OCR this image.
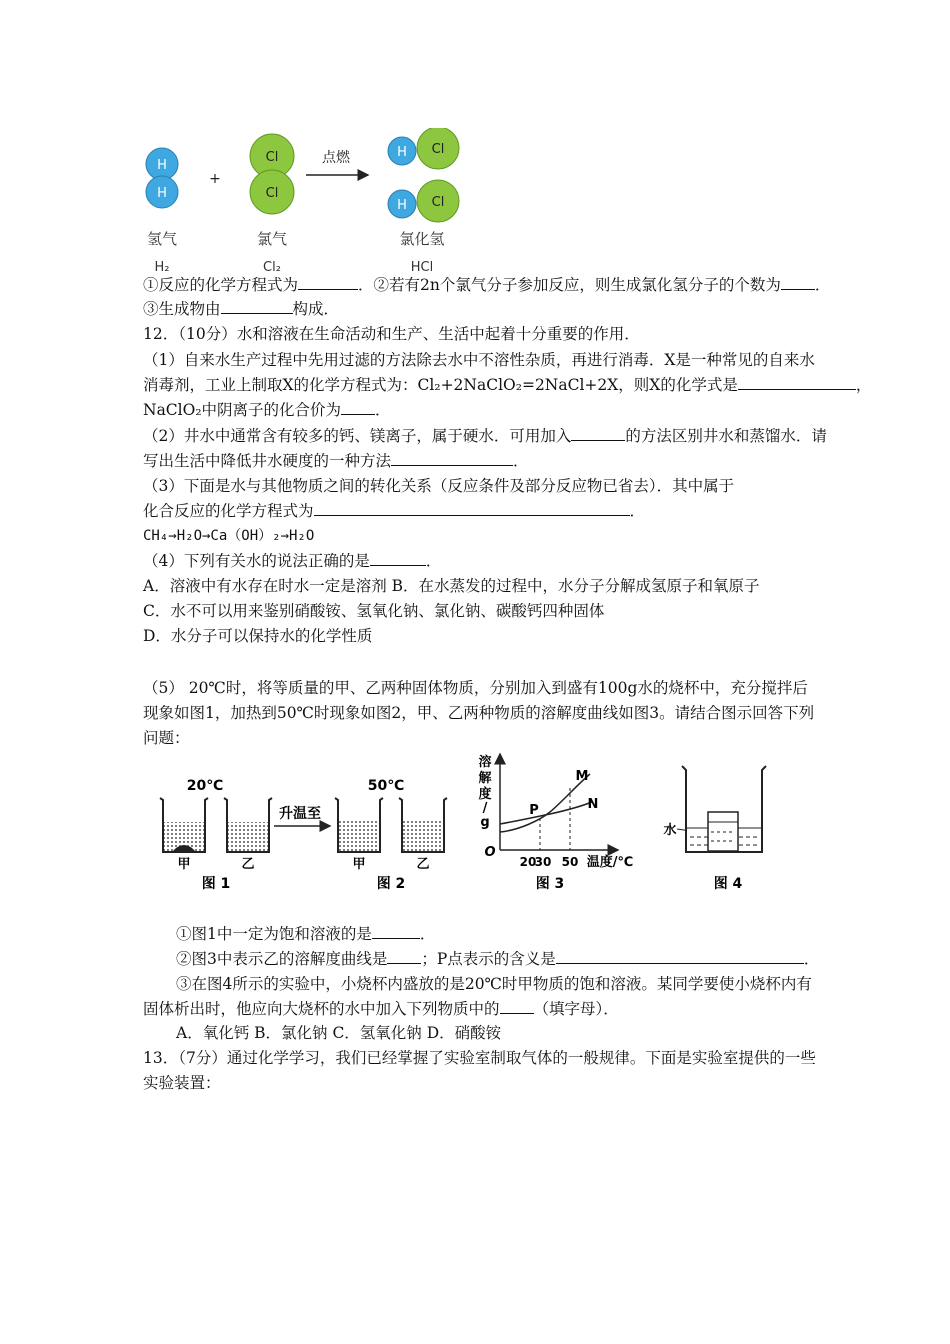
H
H
+
Cl
Cl
点燃	H Cl
H Cl
氢气	氯气	氯化氢
H₂	Cl₂	HCl
①反应的化学方程式为	．②若有2n个氯气分子参加反应，则生成氯化氢分子的个数为 ．
③生成物由	构成．
12．（10分）水和溶液在生命活动和生产、生活中起着十分重要的作用．
（1）自来水生产过程中先用过滤的方法除去水中不溶性杂质，再进行消毒．X是一种常见的自来水
消毒剂，工业上制取X的化学方程式为：Cl₂+2NaClO₂=2NaCl+2X，则X的化学式是	，
NaClO₂中阴离子的化合价为 ．
（2）井水中通常含有较多的钙、镁离子，属于硬水．可用加入	的方法区别井水和蒸馏水．请
写出生活中降低井水硬度的一种方法	．
（3）下面是水与其他物质之间的转化关系（反应条件及部分反应物已省去）．其中属于
化合反应的化学方程式为	．
CH₄→H₂O→Ca（OH）₂→H₂O
（4）下列有关水的说法正确的是	．
A．溶液中有水存在时水一定是溶剂 B．在水蒸发的过程中，水分子分解成氢原子和氧原子
C．水不可以用来鉴别硝酸铵、氢氧化钠、氯化钠、碳酸钙四种固体
D．水分子可以保持水的化学性质
（5） 20℃时，将等质量的甲、乙两种固体物质，分别加入到盛有100g水的烧杯中，充分搅拌后
现象如图1，加热到50℃时现象如图2，甲、乙两种物质的溶解度曲线如图3。请结合图示回答下列
问题：
20℃
甲	乙
图 1
升温至
50℃
甲	乙
图 2
溶
解
度
/
g
O
P
M
N
20
30 50 温度/℃
图 3
水
图 4
①图1中一定为饱和溶液的是	．
②图3中表示乙的溶解度曲线是 ；P点表示的含义是	．
③在图4所示的实验中，小烧杯内盛放的是20℃时甲物质的饱和溶液。某同学要使小烧杯内有
固体析出时，他应向大烧杯的水中加入下列物质中的 （填字母）．
A．氧化钙 B．氯化钠 C．氢氧化钠 D．硝酸铵
13．（7分）通过化学学习，我们已经掌握了实验室制取气体的一般规律。下面是实验室提供的一些
实验装置：
